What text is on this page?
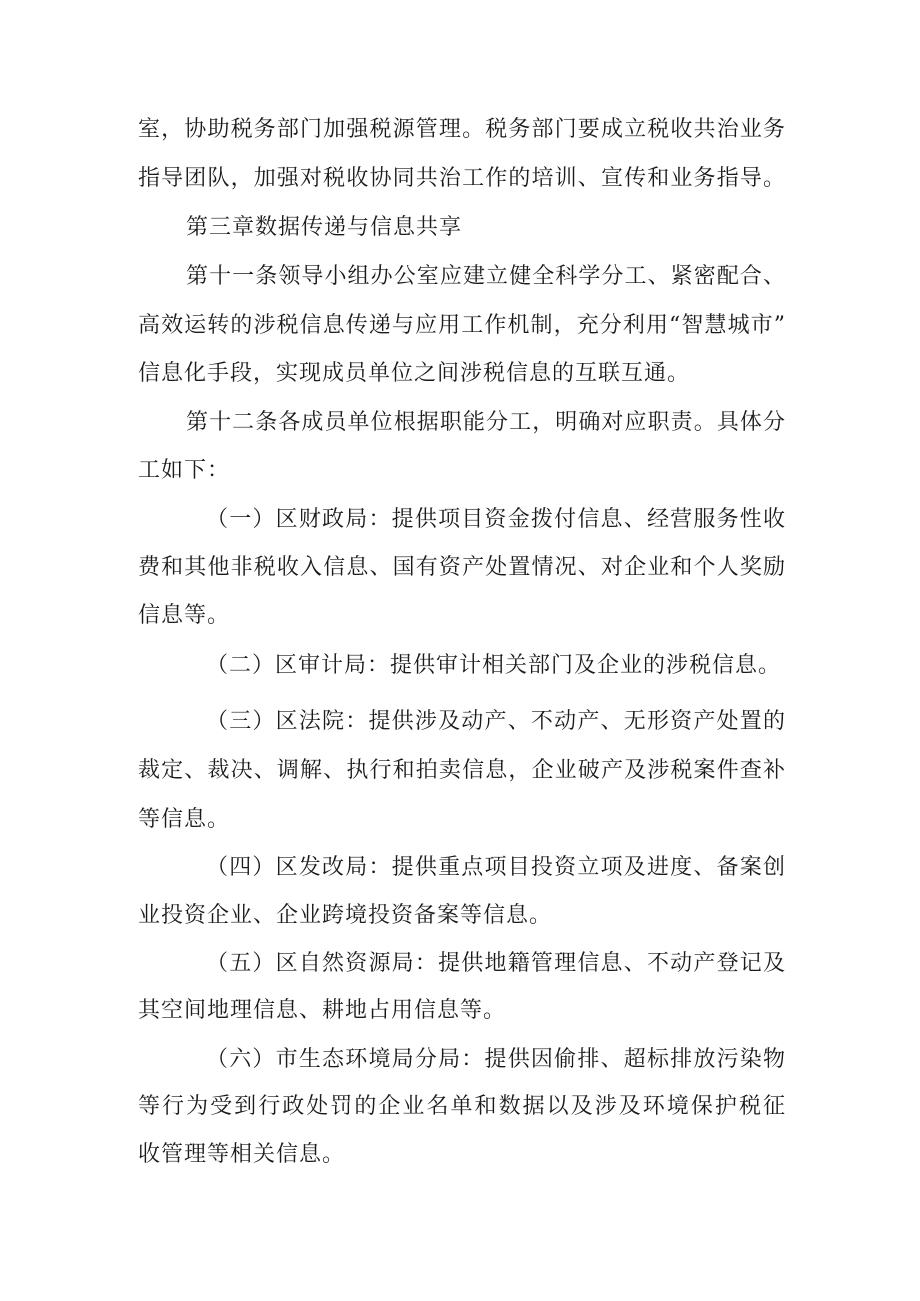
室，协助税务部门加强税源管理。税务部门要成立税收共治业务
指导团队，加强对税收协同共治工作的培训、宣传和业务指导。
第三章数据传递与信息共享
第十一条领导小组办公室应建立健全科学分工、紧密配合、
高效运转的涉税信息传递与应用工作机制，充分利用“智慧城市”
信息化手段，实现成员单位之间涉税信息的互联互通。
第十二条各成员单位根据职能分工，明确对应职责。具体分
工如下：
（一）区财政局：提供项目资金拨付信息、经营服务性收
费和其他非税收入信息、国有资产处置情况、对企业和个人奖励
信息等。
（二）区审计局：提供审计相关部门及企业的涉税信息。
（三）区法院：提供涉及动产、不动产、无形资产处置的
裁定、裁决、调解、执行和拍卖信息，企业破产及涉税案件查补
等信息。
（四）区发改局：提供重点项目投资立项及进度、备案创
业投资企业、企业跨境投资备案等信息。
（五）区自然资源局：提供地籍管理信息、不动产登记及
其空间地理信息、耕地占用信息等。
（六）市生态环境局分局：提供因偷排、超标排放污染物
等行为受到行政处罚的企业名单和数据以及涉及环境保护税征
收管理等相关信息。
